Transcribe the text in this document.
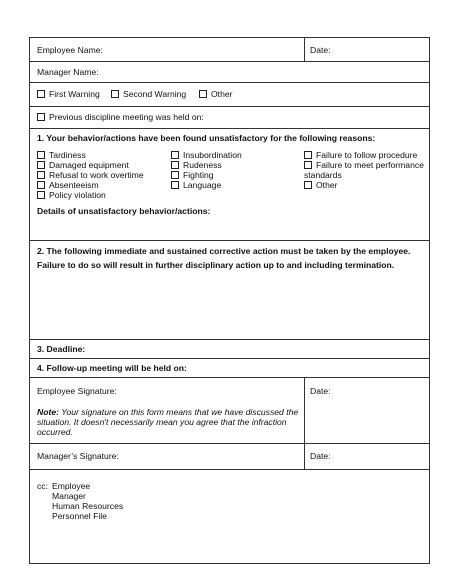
Employee Name:	Date:
Manager Name:
First Warning	Second Warning	Other
Previous discipline meeting was held on:
1. Your behavior/actions have been found unsatisfactory for the following reasons:
Tardiness
Damaged equipment
Refusal to work overtime
Absenteeism
Policy violation
Insubordination
Rudeness
Fighting
Language
Failure to follow procedure
Failure to meet performance
standards
Other
Details of unsatisfactory behavior/actions:
2. The following immediate and sustained corrective action must be taken by the employee.
Failure to do so will result in further disciplinary action up to and including termination.
3. Deadline:
4. Follow-up meeting will be held on:
Employee Signature:	Date:
Note: Your signature on this form means that we have discussed the
situation. It doesn't necessarily mean you agree that the infraction
occurred.
Manager’s Signature:	Date:
cc: Employee
Manager
Human Resources
Personnel File
